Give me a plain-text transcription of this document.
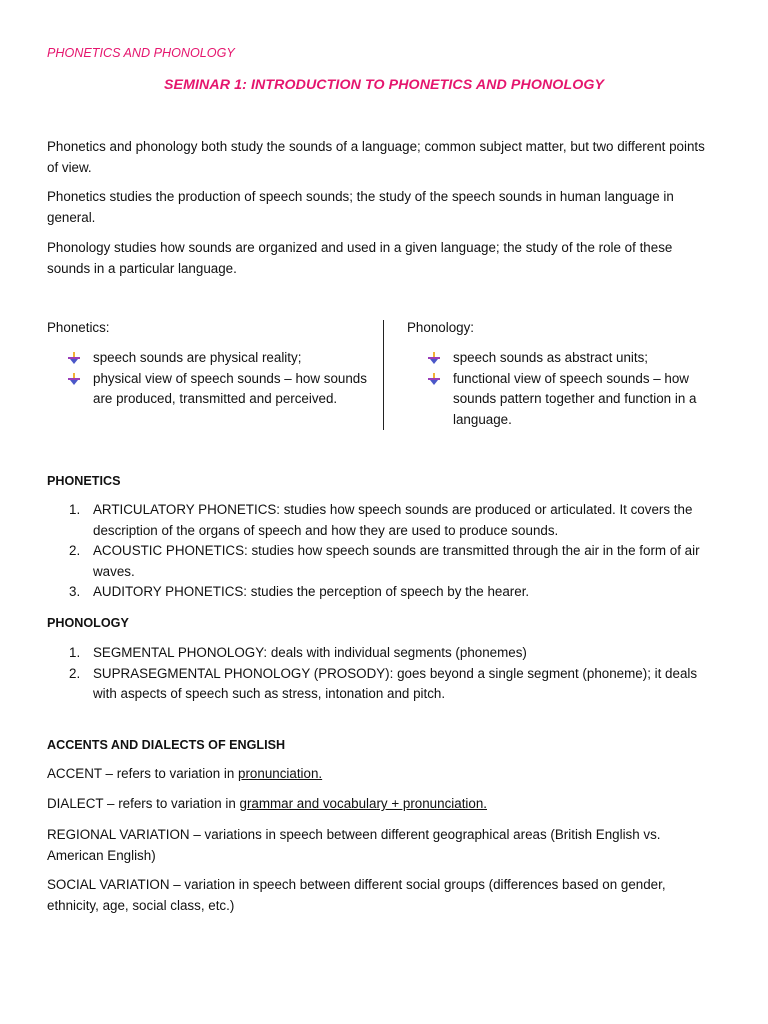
PHONETICS AND PHONOLOGY
SEMINAR 1: INTRODUCTION TO PHONETICS AND PHONOLOGY
Phonetics and phonology both study the sounds of a language; common subject matter, but two different points of view.
Phonetics studies the production of speech sounds; the study of the speech sounds in human language in general.
Phonology studies how sounds are organized and used in a given language; the study of the role of these sounds in a particular language.
Phonetics:
speech sounds are physical reality;
physical view of speech sounds – how sounds are produced, transmitted and perceived.
Phonology:
speech sounds as abstract units;
functional view of speech sounds – how sounds pattern together and function in a language.
PHONETICS
1. ARTICULATORY PHONETICS: studies how speech sounds are produced or articulated. It covers the description of the organs of speech and how they are used to produce sounds.
2. ACOUSTIC PHONETICS: studies how speech sounds are transmitted through the air in the form of air waves.
3. AUDITORY PHONETICS: studies the perception of speech by the hearer.
PHONOLOGY
1. SEGMENTAL PHONOLOGY: deals with individual segments (phonemes)
2. SUPRASEGMENTAL PHONOLOGY (PROSODY): goes beyond a single segment (phoneme); it deals with aspects of speech such as stress, intonation and pitch.
ACCENTS AND DIALECTS OF ENGLISH
ACCENT – refers to variation in pronunciation.
DIALECT – refers to variation in grammar and vocabulary + pronunciation.
REGIONAL VARIATION – variations in speech between different geographical areas (British English vs. American English)
SOCIAL VARIATION – variation in speech between different social groups (differences based on gender, ethnicity, age, social class, etc.)
